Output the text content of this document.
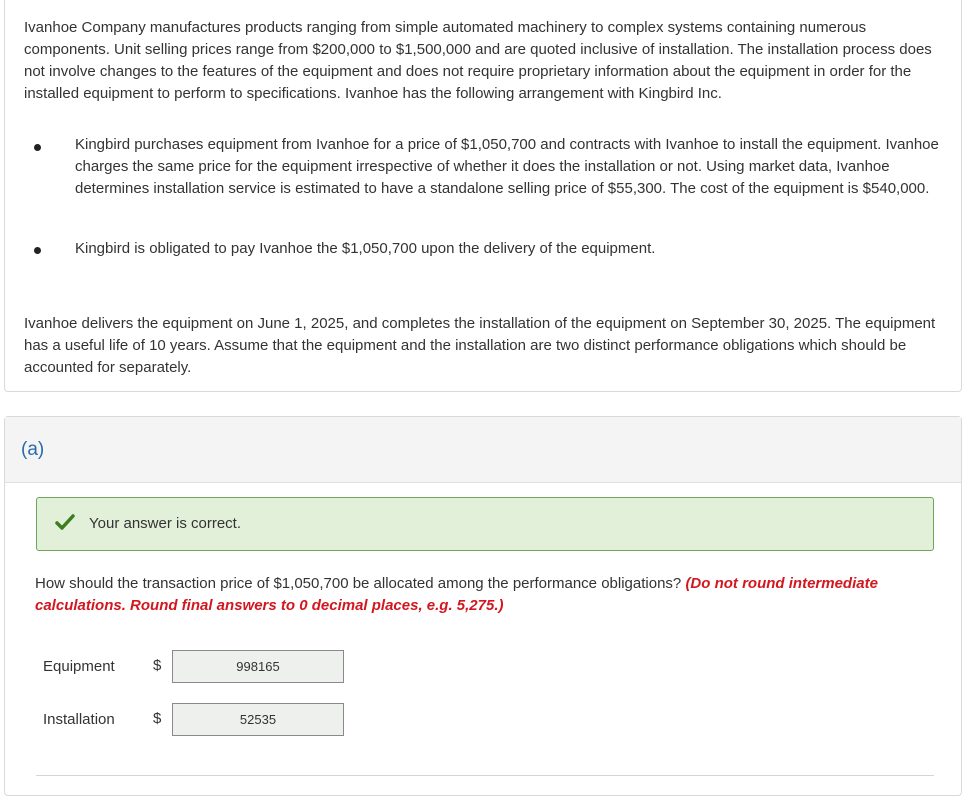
Ivanhoe Company manufactures products ranging from simple automated machinery to complex systems containing numerous components. Unit selling prices range from $200,000 to $1,500,000 and are quoted inclusive of installation. The installation process does not involve changes to the features of the equipment and does not require proprietary information about the equipment in order for the installed equipment to perform to specifications. Ivanhoe has the following arrangement with Kingbird Inc.

Kingbird purchases equipment from Ivanhoe for a price of $1,050,700 and contracts with Ivanhoe to install the equipment. Ivanhoe charges the same price for the equipment irrespective of whether it does the installation or not. Using market data, Ivanhoe determines installation service is estimated to have a standalone selling price of $55,300. The cost of the equipment is $540,000.

Kingbird is obligated to pay Ivanhoe the $1,050,700 upon the delivery of the equipment.

Ivanhoe delivers the equipment on June 1, 2025, and completes the installation of the equipment on September 30, 2025. The equipment has a useful life of 10 years. Assume that the equipment and the installation are two distinct performance obligations which should be accounted for separately.

(a)
Your answer is correct.

How should the transaction price of $1,050,700 be allocated among the performance obligations? (Do not round intermediate calculations. Round final answers to 0 decimal places, e.g. 5,275.)

Equipment	$
998165
Installation	$
52535
